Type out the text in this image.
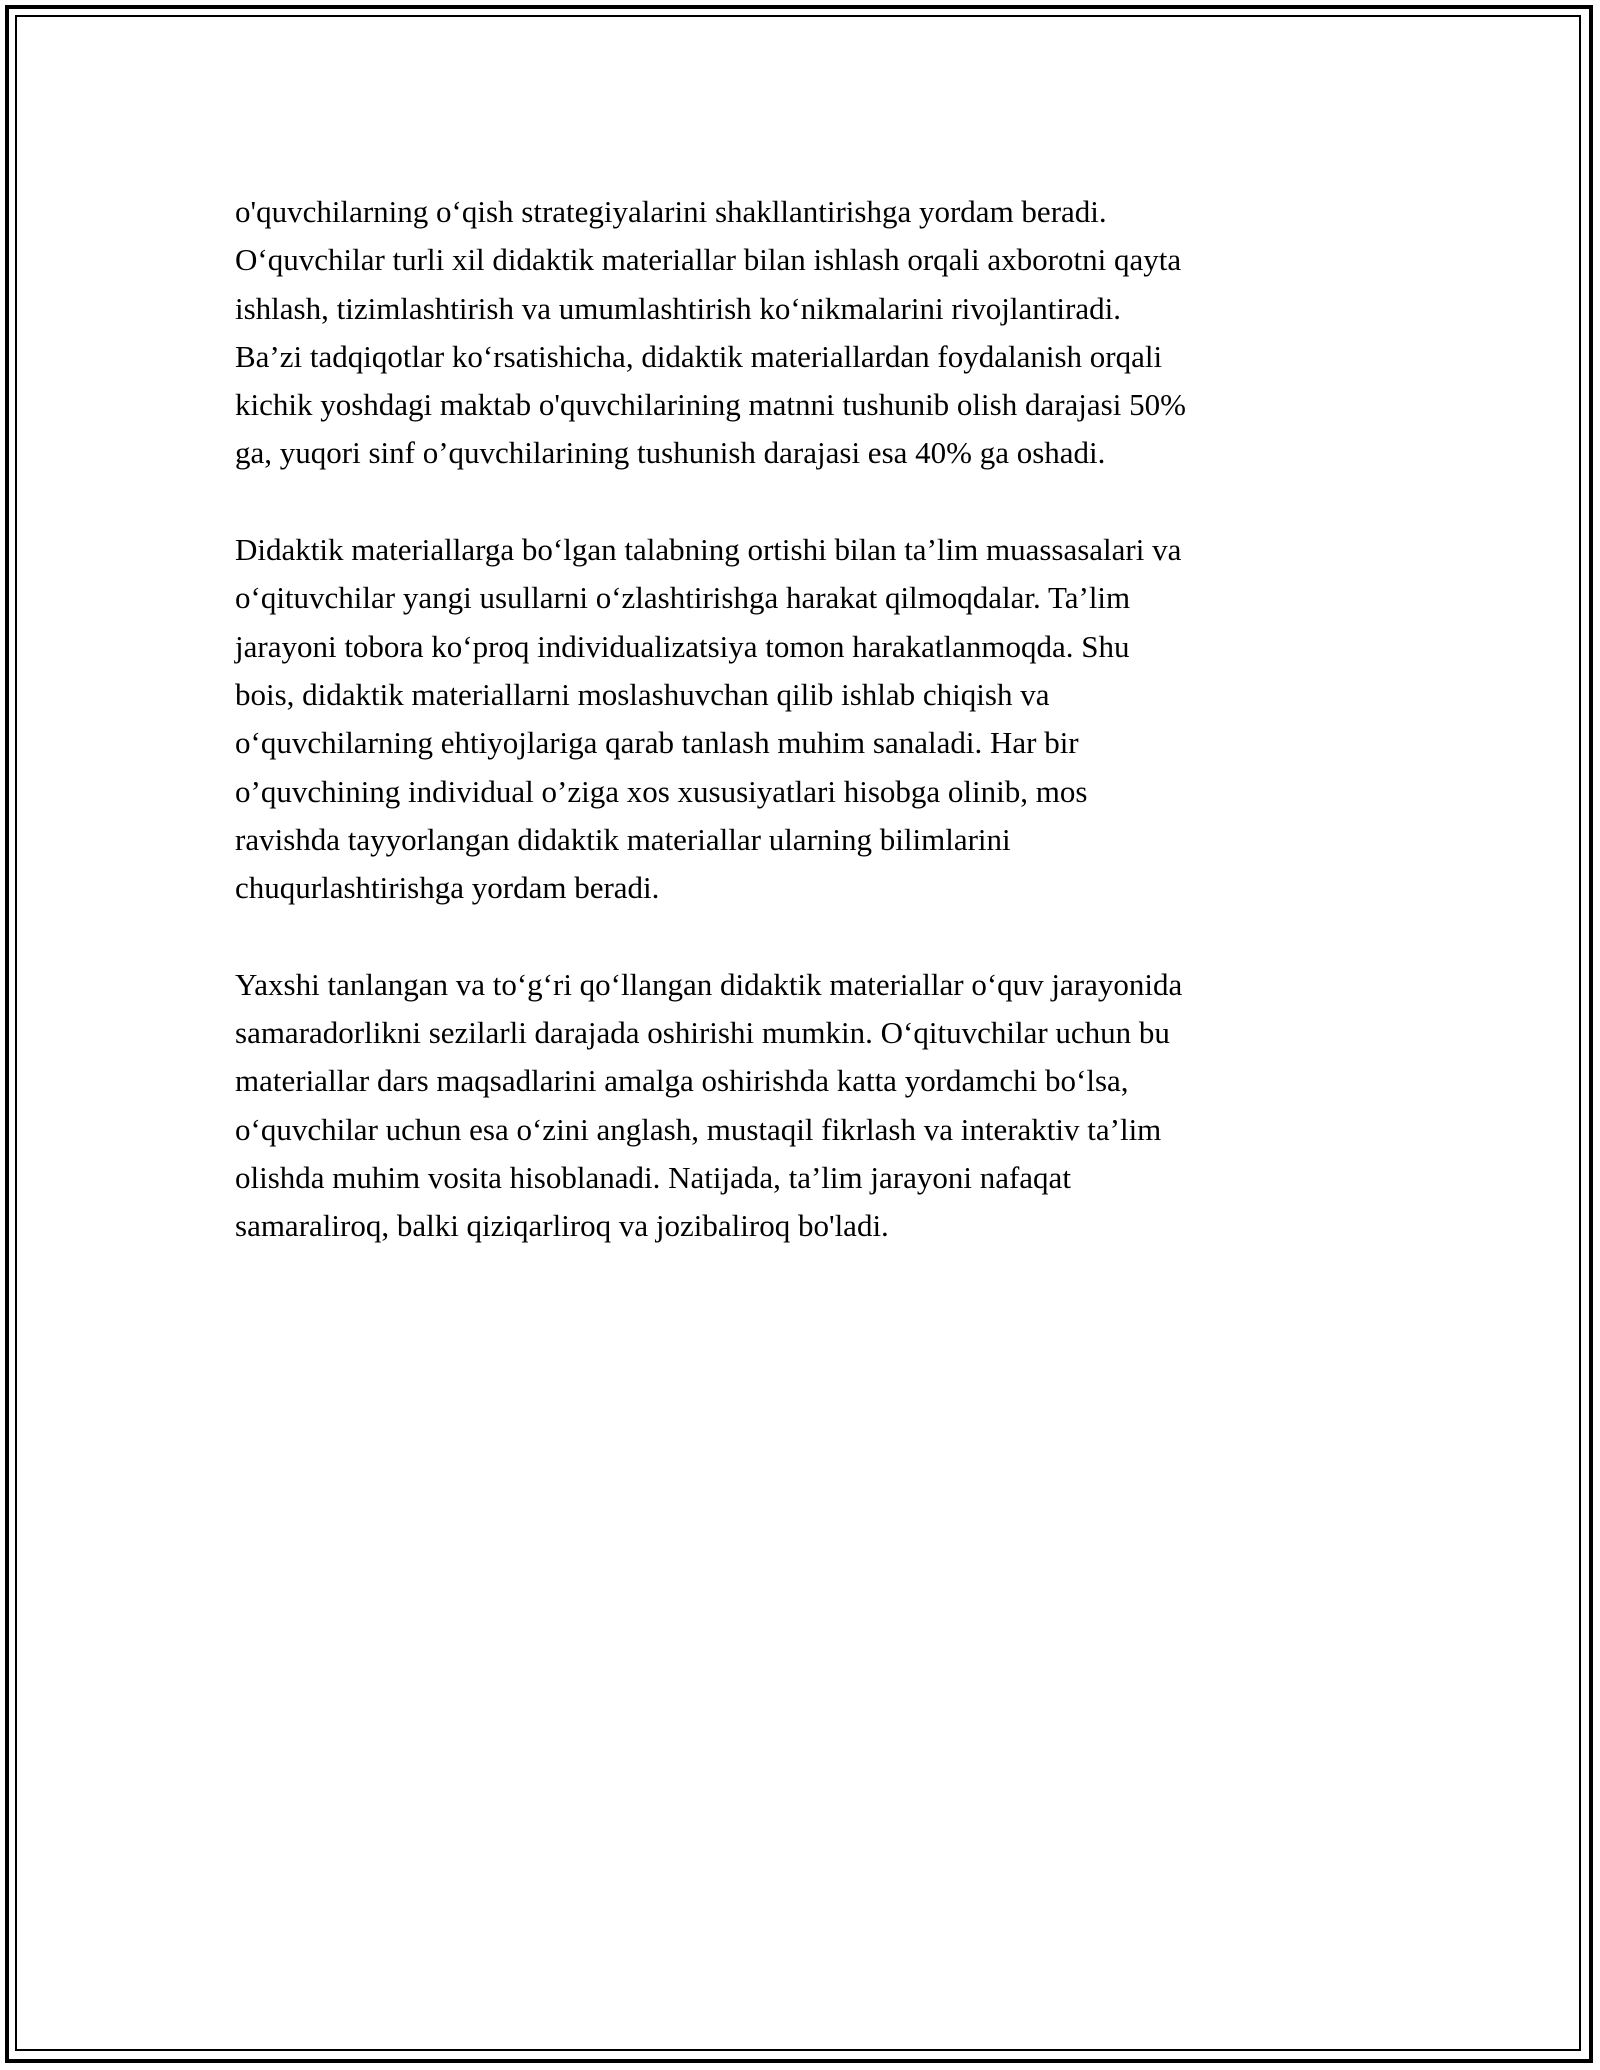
o'quvchilarning o‘qish strategiyalarini shakllantirishga yordam beradi.
O‘quvchilar turli xil didaktik materiallar bilan ishlash orqali axborotni qayta
ishlash, tizimlashtirish va umumlashtirish ko‘nikmalarini rivojlantiradi.
Ba’zi tadqiqotlar ko‘rsatishicha, didaktik materiallardan foydalanish orqali
kichik yoshdagi maktab o'quvchilarining matnni tushunib olish darajasi 50%
ga, yuqori sinf o’quvchilarining tushunish darajasi esa 40% ga oshadi.

Didaktik materiallarga bo‘lgan talabning ortishi bilan ta’lim muassasalari va
o‘qituvchilar yangi usullarni o‘zlashtirishga harakat qilmoqdalar. Ta’lim
jarayoni tobora ko‘proq individualizatsiya tomon harakatlanmoqda. Shu
bois, didaktik materiallarni moslashuvchan qilib ishlab chiqish va
o‘quvchilarning ehtiyojlariga qarab tanlash muhim sanaladi. Har bir
o’quvchining individual o’ziga xos xususiyatlari hisobga olinib, mos
ravishda tayyorlangan didaktik materiallar ularning bilimlarini
chuqurlashtirishga yordam beradi.

Yaxshi tanlangan va to‘g‘ri qo‘llangan didaktik materiallar o‘quv jarayonida
samaradorlikni sezilarli darajada oshirishi mumkin. O‘qituvchilar uchun bu
materiallar dars maqsadlarini amalga oshirishda katta yordamchi bo‘lsa,
o‘quvchilar uchun esa o‘zini anglash, mustaqil fikrlash va interaktiv ta’lim
olishda muhim vosita hisoblanadi. Natijada, ta’lim jarayoni nafaqat
samaraliroq, balki qiziqarliroq va jozibaliroq bo'ladi.
